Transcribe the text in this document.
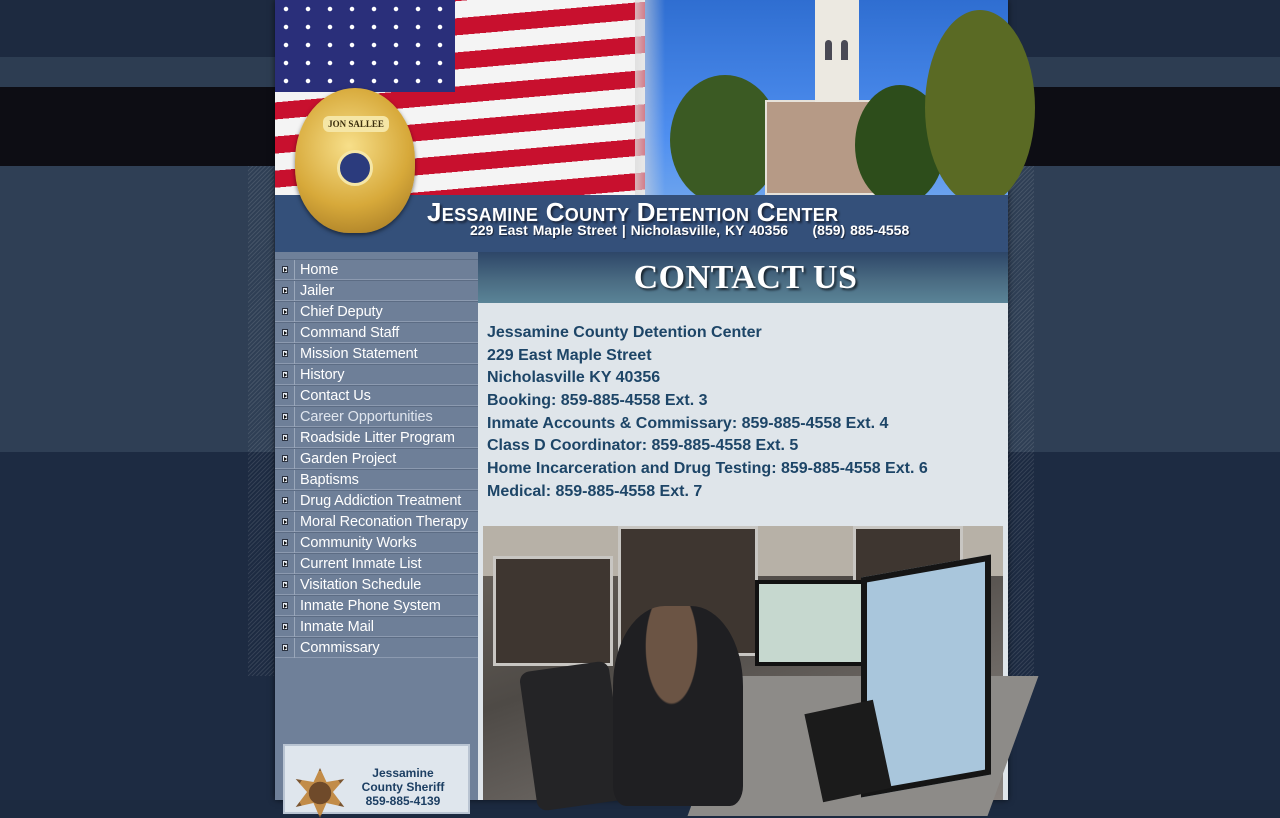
JON SALLEE
Jessamine County Detention Center
229 East Maple Street | Nicholasville, KY 40356     (859) 885-4558
Home
Jailer
Chief Deputy
Command Staff
Mission Statement
History
Contact Us
Career Opportunities
Roadside Litter Program
Garden Project
Baptisms
Drug Addiction Treatment
Moral Reconation Therapy
Community Works
Current Inmate List
Visitation Schedule
Inmate Phone System
Inmate Mail
Commissary
Jessamine
County Sheriff
859-885-4139
CONTACT US
Jessamine County Detention Center
229 East Maple Street
Nicholasville KY 40356
Booking: 859-885-4558 Ext. 3
Inmate Accounts & Commissary: 859-885-4558 Ext. 4
Class D Coordinator: 859-885-4558 Ext. 5
Home Incarceration and Drug Testing: 859-885-4558 Ext. 6
Medical: 859-885-4558 Ext. 7
